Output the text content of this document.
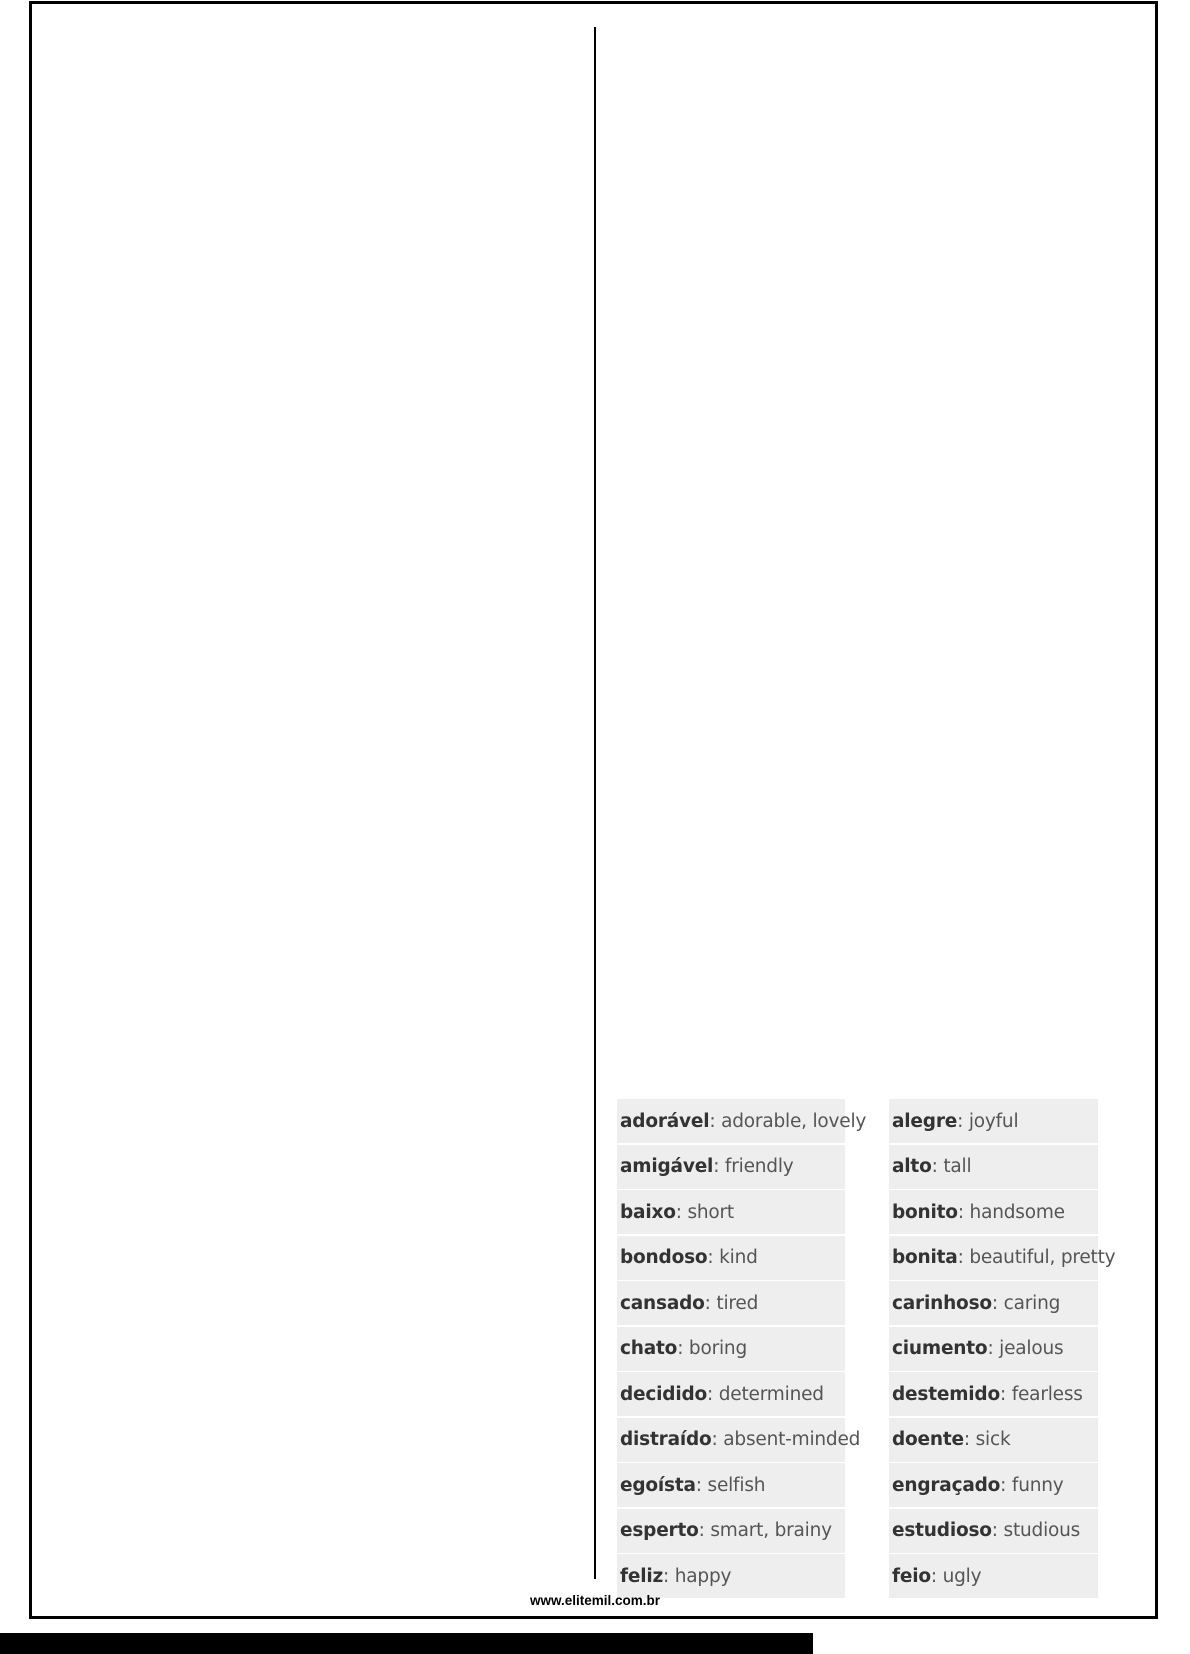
adorável : adorable, lovely
amigável : friendly
baixo : short
bondoso : kind
cansado : tired
chato : boring
decidido : determined
distraído : absent-minded
egoísta : selfish
esperto : smart, brainy
feliz : happy
alegre : joyful
alto : tall
bonito : handsome
bonita : beautiful, pretty
carinhoso : caring
ciumento : jealous
destemido : fearless
doente : sick
engraçado : funny
estudioso : studious
feio : ugly
www.elitemil.com.br
